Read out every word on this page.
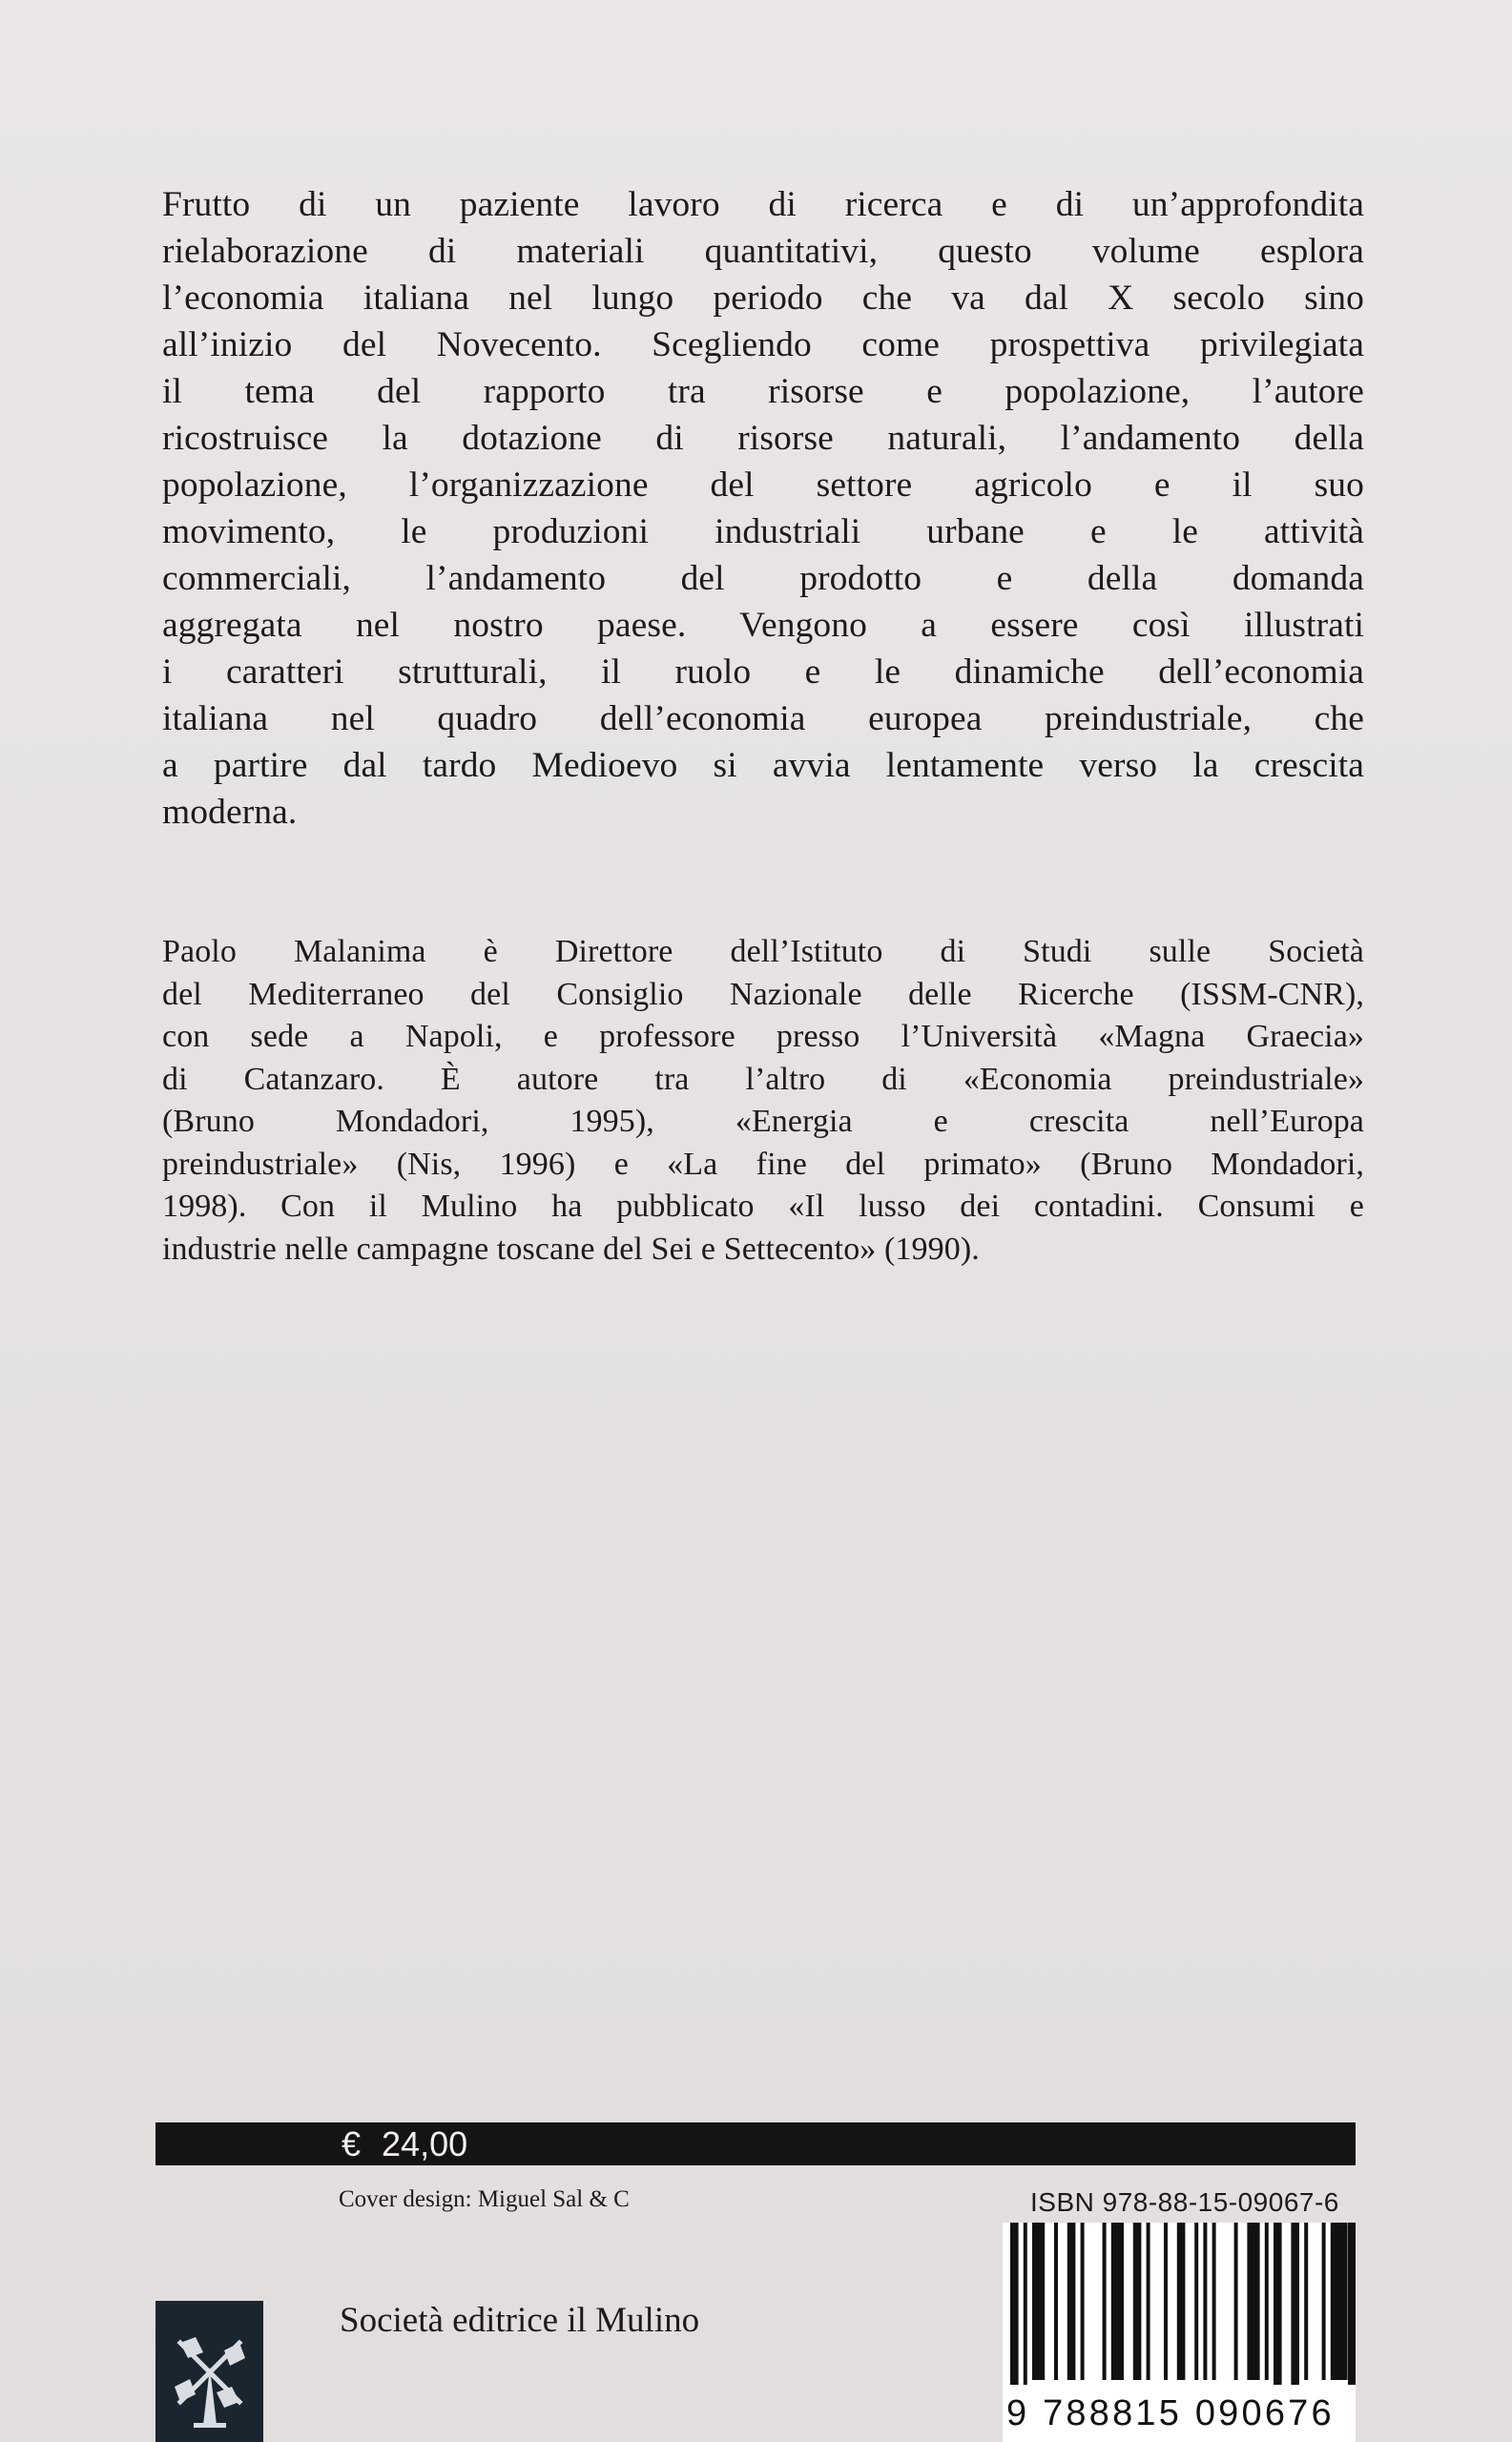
Frutto di un paziente lavoro di ricerca e di un’approfondita
rielaborazione di materiali quantitativi, questo volume esplora
l’economia italiana nel lungo periodo che va dal X secolo sino
all’inizio del Novecento. Scegliendo come prospettiva privilegiata
il tema del rapporto tra risorse e popolazione, l’autore
ricostruisce la dotazione di risorse naturali, l’andamento della
popolazione, l’organizzazione del settore agricolo e il suo
movimento, le produzioni industriali urbane e le attività
commerciali, l’andamento del prodotto e della domanda
aggregata nel nostro paese. Vengono a essere così illustrati
i caratteri strutturali, il ruolo e le dinamiche dell’economia
italiana nel quadro dell’economia europea preindustriale, che
a partire dal tardo Medioevo si avvia lentamente verso la crescita
moderna.
Paolo Malanima è Direttore dell’Istituto di Studi sulle Società
del Mediterraneo del Consiglio Nazionale delle Ricerche (ISSM-CNR),
con sede a Napoli, e professore presso l’Università «Magna Graecia»
di Catanzaro. È autore tra l’altro di «Economia preindustriale»
(Bruno Mondadori, 1995), «Energia e crescita nell’Europa
preindustriale» (Nis, 1996) e «La fine del primato» (Bruno Mondadori,
1998). Con il Mulino ha pubblicato «Il lusso dei contadini. Consumi e
industrie nelle campagne toscane del Sei e Settecento» (1990).
€ 24,00
Cover design: Miguel Sal & C
Società editrice il Mulino
ISBN 978-88-15-09067-6
9 788815 090676
